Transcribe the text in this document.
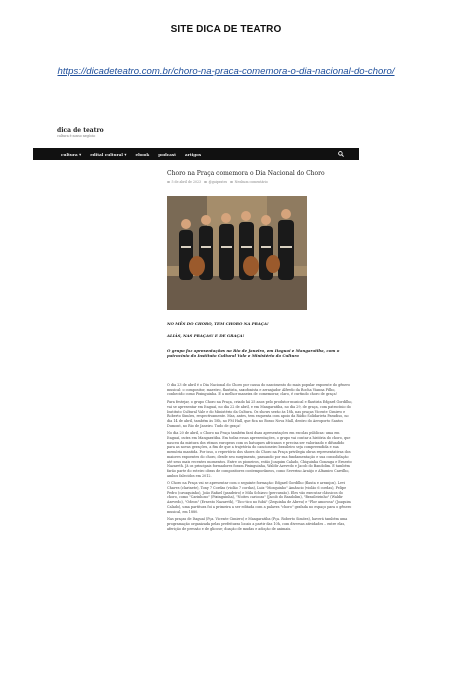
SITE DICA DE TEATRO
https://dicadeteatro.com.br/choro-na-praca-comemora-o-dia-nacional-do-choro/
dica de teatro
cultura é nosso negócio
cultura ▾ edital cultural ▾ ebook podcast artigos
Choro na Praça comemora o Dia Nacional do Choro
5 de abril de 2023 @guiprates Nenhum comentário
NO MÊS DO CHORO, TEM CHORO NA PRAÇA!
ALIÁS, NAS PRAÇAS! E DE GRAÇA!
O grupo faz apresentações no Rio de Janeiro, em Itaguaí e Mangaratiba, com o patrocínio do Instituto Cultural Vale e Ministério da Cultura

O dia 23 de abril é o Dia Nacional do Choro por causa do nascimento do mais popular expoente do gênero musical: o compositor, maestro, flautista, saxofonista e arranjador Alfredo da Rocha Vianna Filho, conhecido como Pixinguinha. E a melhor maneira de comemorar, claro, é curtindo choro de graça!

Para festejar, o grupo Choro na Praça, criado há 25 anos pelo produtor musical e flautista Edgard Gordilho, vai se apresentar em Itaguaí, no dia 22 de abril, e em Mangaratiba, no dia 29, de graça, com patrocínio do Instituto Cultural Vale e do Ministério da Cultura. Os shows serão às 18h, nas praças Vicente Cimirro e Roberto Simões, respectivamente. Mas, antes, tem esquenta com apoio da Rádio Solidarieta Paradiso, no dia 14 de abril, também às 18h, no FM Hall, que fica no Bosso Nova Mall, dentro do Aeroporto Santos Dumont, no Rio de Janeiro. Tudo de graça!

No dia 20 de abril, o Choro na Praça também fará duas apresentações em escolas públicas: uma em Itaguaí, outra em Mangaratiba. Em todas essas apresentações, o grupo vai contar a história do choro, que nasceu da mistura dos ritmos europeus com os batuques africanos e precisa ser valorizado e difundido para as novas gerações, a fim de que a trajetória do cancioneiro brasileiro seja compreendida e sua memória mantida. Por isso, o repertório dos shows do Choro na Praça privilegia obras representativas dos maiores expoentes do choro, desde seu surgimento, passando por sua fundamentação e sua consolidação até seus mais recentes momentos. Entre os pioneiros, estão Joaquim Calado, Chiquinha Gonzaga e Ernesto Nazareth. Já os principais formadores foram Pixinguinha, Waldir Azevedo e Jacob do Bandolim. E também farão parte do roteiro obras de compositores contemporâneos, como Severino Araújo e Altamiro Carrilho, ambos falecidos em 2012.

O Choro na Praça vai se apresentar com o seguinte formação: Edgard Gordilho (flauta e arranjos), Levi Chaves (clarinete), Tony 7 Cordas (violão 7 cordas), Luiz "Mosquinho" Amâncio (violão 6 cordas), Felipe Pedro (cavaquinho), João Rafael (pandeiro) e Mila Schiavo (percussão). Eles vão executar clássicos do choro, como "Carinhoso" (Pixinguinha), "Noites cariocas" (Jacob do Bandolim), "Brasileirinho" (Waldir Azevedo), "Odeon" (Ernesto Nazareth), "Tico-tico no fubá" (Zequinha de Abreu) e "Flor amorosa" (Joaquim Calado), uma partitura foi a primeira a ser editada com a palavra "choro" grafada no espaço para o gênero musical, em 1880.

Nas praças de Itaguaí (Pça. Vicente Cimirro) e Mangaratiba (Pça. Roberto Simões), haverá também uma programação organizada pelas prefeituras locais a partir das 10h, com diversas atividades – entre elas, aferição de pressão e de glicose; doação de mudas e adoção de animais.
